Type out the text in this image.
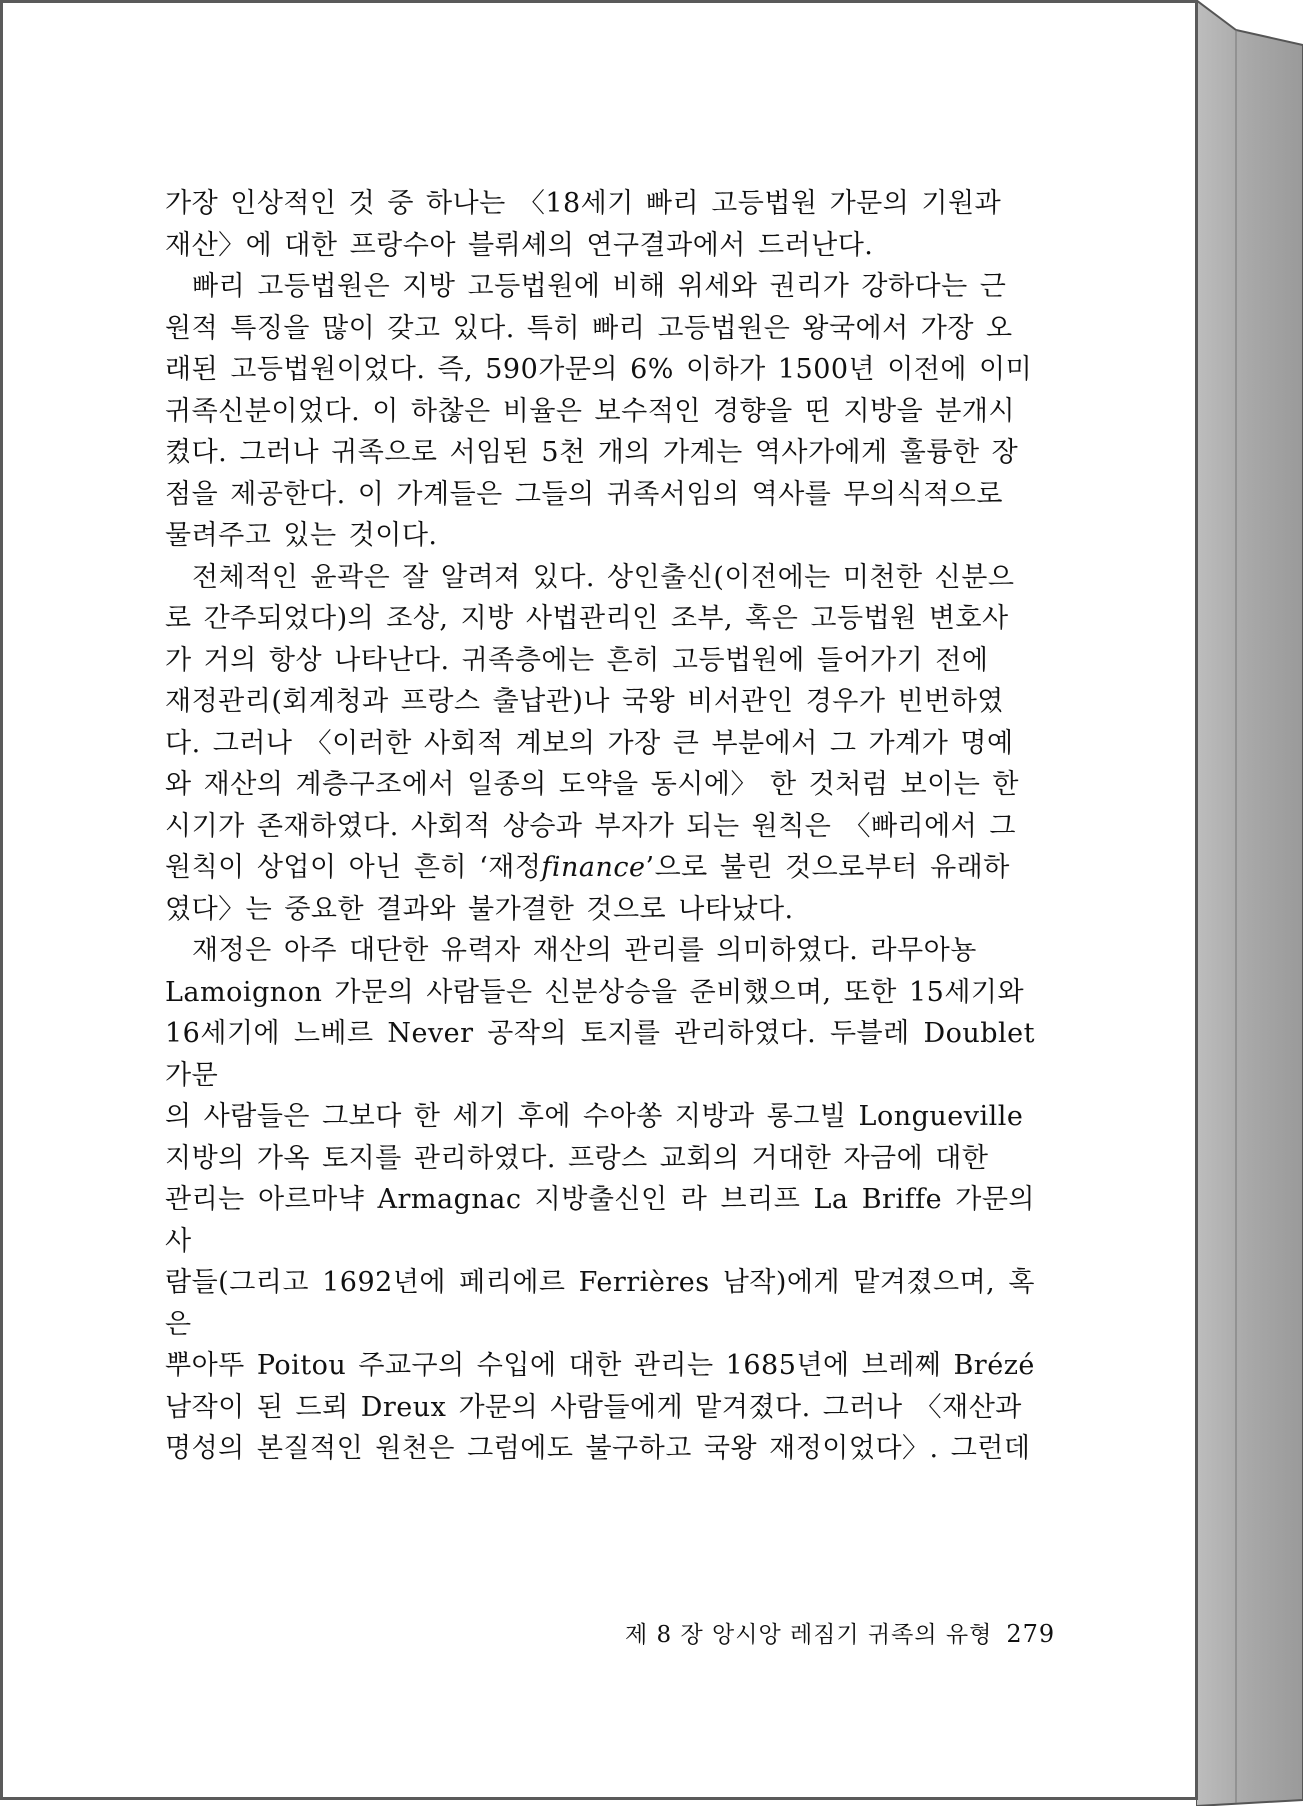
가장 인상적인 것 중 하나는 〈18세기 빠리 고등법원 가문의 기원과
재산〉에 대한 프랑수아 블뤼셰의 연구결과에서 드러난다.

빠리 고등법원은 지방 고등법원에 비해 위세와 권리가 강하다는 근
원적 특징을 많이 갖고 있다. 특히 빠리 고등법원은 왕국에서 가장 오
래된 고등법원이었다. 즉, 590가문의 6% 이하가 1500년 이전에 이미
귀족신분이었다. 이 하찮은 비율은 보수적인 경향을 띤 지방을 분개시
켰다. 그러나 귀족으로 서임된 5천 개의 가계는 역사가에게 훌륭한 장
점을 제공한다. 이 가계들은 그들의 귀족서임의 역사를 무의식적으로
물려주고 있는 것이다.

전체적인 윤곽은 잘 알려져 있다. 상인출신(이전에는 미천한 신분으
로 간주되었다)의 조상, 지방 사법관리인 조부, 혹은 고등법원 변호사
가 거의 항상 나타난다. 귀족층에는 흔히 고등법원에 들어가기 전에
재정관리(회계청과 프랑스 출납관)나 국왕 비서관인 경우가 빈번하였
다. 그러나 〈이러한 사회적 계보의 가장 큰 부분에서 그 가계가 명예
와 재산의 계층구조에서 일종의 도약을 동시에〉 한 것처럼 보이는 한
시기가 존재하였다. 사회적 상승과 부자가 되는 원칙은 〈빠리에서 그
원칙이 상업이 아닌 흔히 ‘재정finance’으로 불린 것으로부터 유래하
였다〉는 중요한 결과와 불가결한 것으로 나타났다.

재정은 아주 대단한 유력자 재산의 관리를 의미하였다. 라무아뇽
Lamoignon 가문의 사람들은 신분상승을 준비했으며, 또한 15세기와
16세기에 느베르 Never 공작의 토지를 관리하였다. 두블레 Doublet 가문
의 사람들은 그보다 한 세기 후에 수아쏭 지방과 롱그빌 Longueville
지방의 가옥 토지를 관리하였다. 프랑스 교회의 거대한 자금에 대한
관리는 아르마냑 Armagnac 지방출신인 라 브리프 La Briffe 가문의 사
람들(그리고 1692년에 페리에르 Ferrières 남작)에게 맡겨졌으며, 혹은
뿌아뚜 Poitou 주교구의 수입에 대한 관리는 1685년에 브레쩨 Brézé
남작이 된 드뢰 Dreux 가문의 사람들에게 맡겨졌다. 그러나 〈재산과
명성의 본질적인 원천은 그럼에도 불구하고 국왕 재정이었다〉. 그런데

제 8 장 앙시앙 레짐기 귀족의 유형 279
